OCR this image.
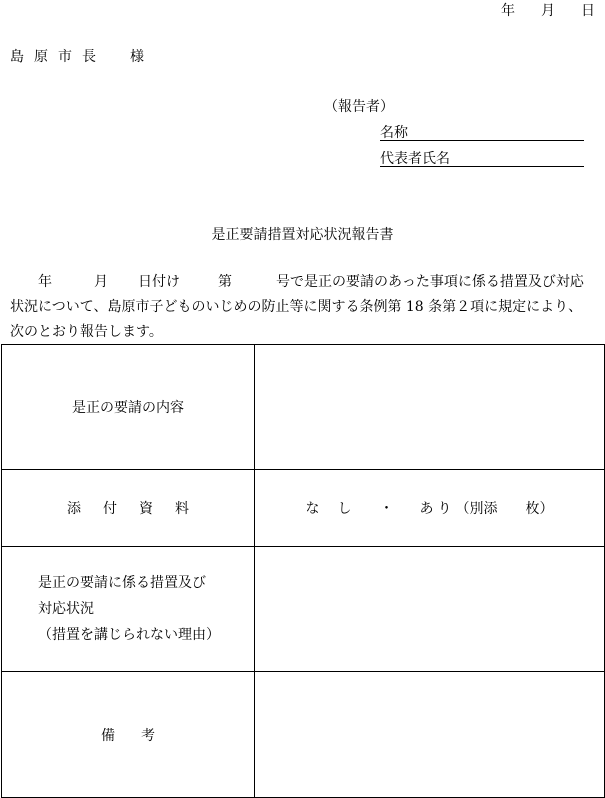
年 月 日
島原市長　様
（報告者）
名称
代表者氏名
是正要請措置対応状況報告書
年	月 日付け	第	号で是正の要請のあった事項に係る措置及び対応
状況について、島原市子どものいじめの防止等に関する条例第 18 条第２項に規定により、
次のとおり報告します。
是正の要請の内容	
添付資料	なし ・ あり（別添 枚）

是正の要請に係る措置及び
対応状況
（措置を講じられない理由）	

備考	
